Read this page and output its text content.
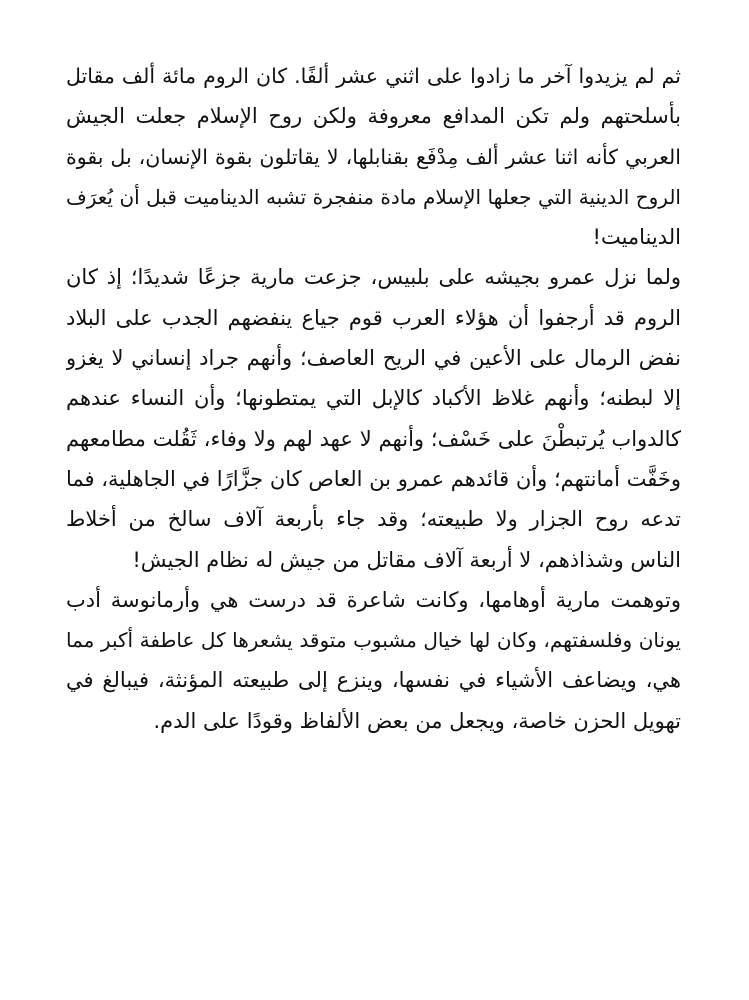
ثم لم يزيدوا آخر ما زادوا على اثني عشر ألفًا. كان الروم مائة ألف مقاتل
بأسلحتهم ولم تكن المدافع معروفة ولكن روح الإسلام جعلت الجيش
العربي كأنه اثنا عشر ألف مِدْفَع بقنابلها، لا يقاتلون بقوة الإنسان، بل بقوة
الروح الدينية التي جعلها الإسلام مادة منفجرة تشبه الديناميت قبل أن يُعرَف
الديناميت!
ولما نزل عمرو بجيشه على بلبيس، جزعت مارية جزعًا شديدًا؛ إذ كان
الروم قد أرجفوا أن هؤلاء العرب قوم جياع ينفضهم الجدب على البلاد
نفض الرمال على الأعين في الريح العاصف؛ وأنهم جراد إنساني لا يغزو
إلا لبطنه؛ وأنهم غلاظ الأكباد كالإبل التي يمتطونها؛ وأن النساء عندهم
كالدواب يُرتبطْنَ على خَسْف؛ وأنهم لا عهد لهم ولا وفاء، ثَقُلت مطامعهم
وخَفَّت أمانتهم؛ وأن قائدهم عمرو بن العاص كان جزَّارًا في الجاهلية، فما
تدعه روح الجزار ولا طبيعته؛ وقد جاء بأربعة آلاف سالخ من أخلاط
الناس وشذاذهم، لا أربعة آلاف مقاتل من جيش له نظام الجيش!
وتوهمت مارية أوهامها، وكانت شاعرة قد درست هي وأرمانوسة أدب
يونان وفلسفتهم، وكان لها خيال مشبوب متوقد يشعرها كل عاطفة أكبر مما
هي، ويضاعف الأشياء في نفسها، وينزع إلى طبيعته المؤنثة، فيبالغ في
تهويل الحزن خاصة، ويجعل من بعض الألفاظ وقودًا على الدم.
